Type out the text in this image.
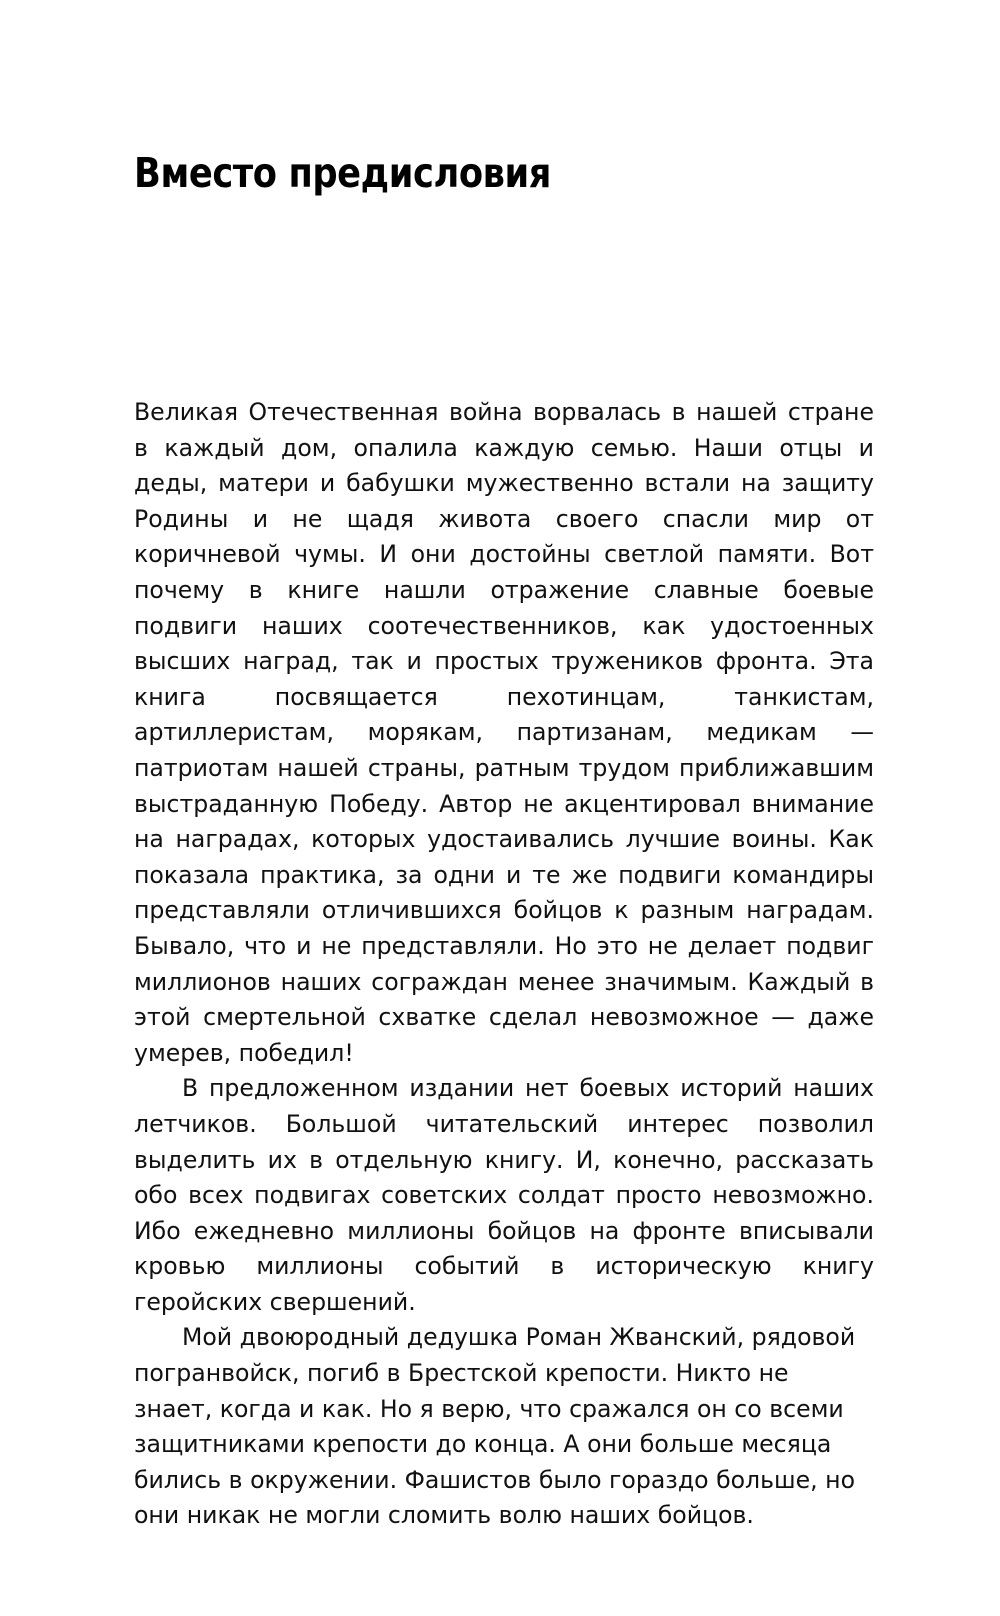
Вместо предисловия

Великая Отечественная война ворвалась в нашей стране в каждый дом, опалила каждую семью. Наши отцы и деды, матери и бабушки мужественно встали на защиту Родины и не щадя живота своего спасли мир от коричневой чумы. И они достойны светлой памяти. Вот почему в книге нашли отражение славные боевые подвиги наших соотечественников, как удостоенных высших наград, так и простых тружеников фронта. Эта книга посвящается пехотинцам, танкистам, артиллеристам, морякам, партизанам, медикам — патриотам нашей страны, ратным трудом приближавшим выстраданную Победу. Автор не акцентировал внимание на наградах, которых удостаивались лучшие воины. Как показала практика, за одни и те же подвиги командиры представляли отличившихся бойцов к разным наградам. Бывало, что и не представляли. Но это не делает подвиг миллионов наших сограждан менее значимым. Каждый в этой смертельной схватке сделал невозможное — даже умерев, победил!

В предложенном издании нет боевых историй наших летчиков. Большой читательский интерес позволил выделить их в отдельную книгу. И, конечно, рассказать обо всех подвигах советских солдат просто невозможно. Ибо ежедневно миллионы бойцов на фронте вписывали кровью миллионы событий в историческую книгу геройских свершений.

Мой двоюродный дедушка Роман Жванский, рядовой погранвойск, погиб в Брестской крепости. Никто не знает, когда и как. Но я верю, что сражался он со всеми защитниками крепости до конца. А они больше месяца бились в окружении. Фашистов было гораздо больше, но они никак не могли сломить волю наших бойцов.
